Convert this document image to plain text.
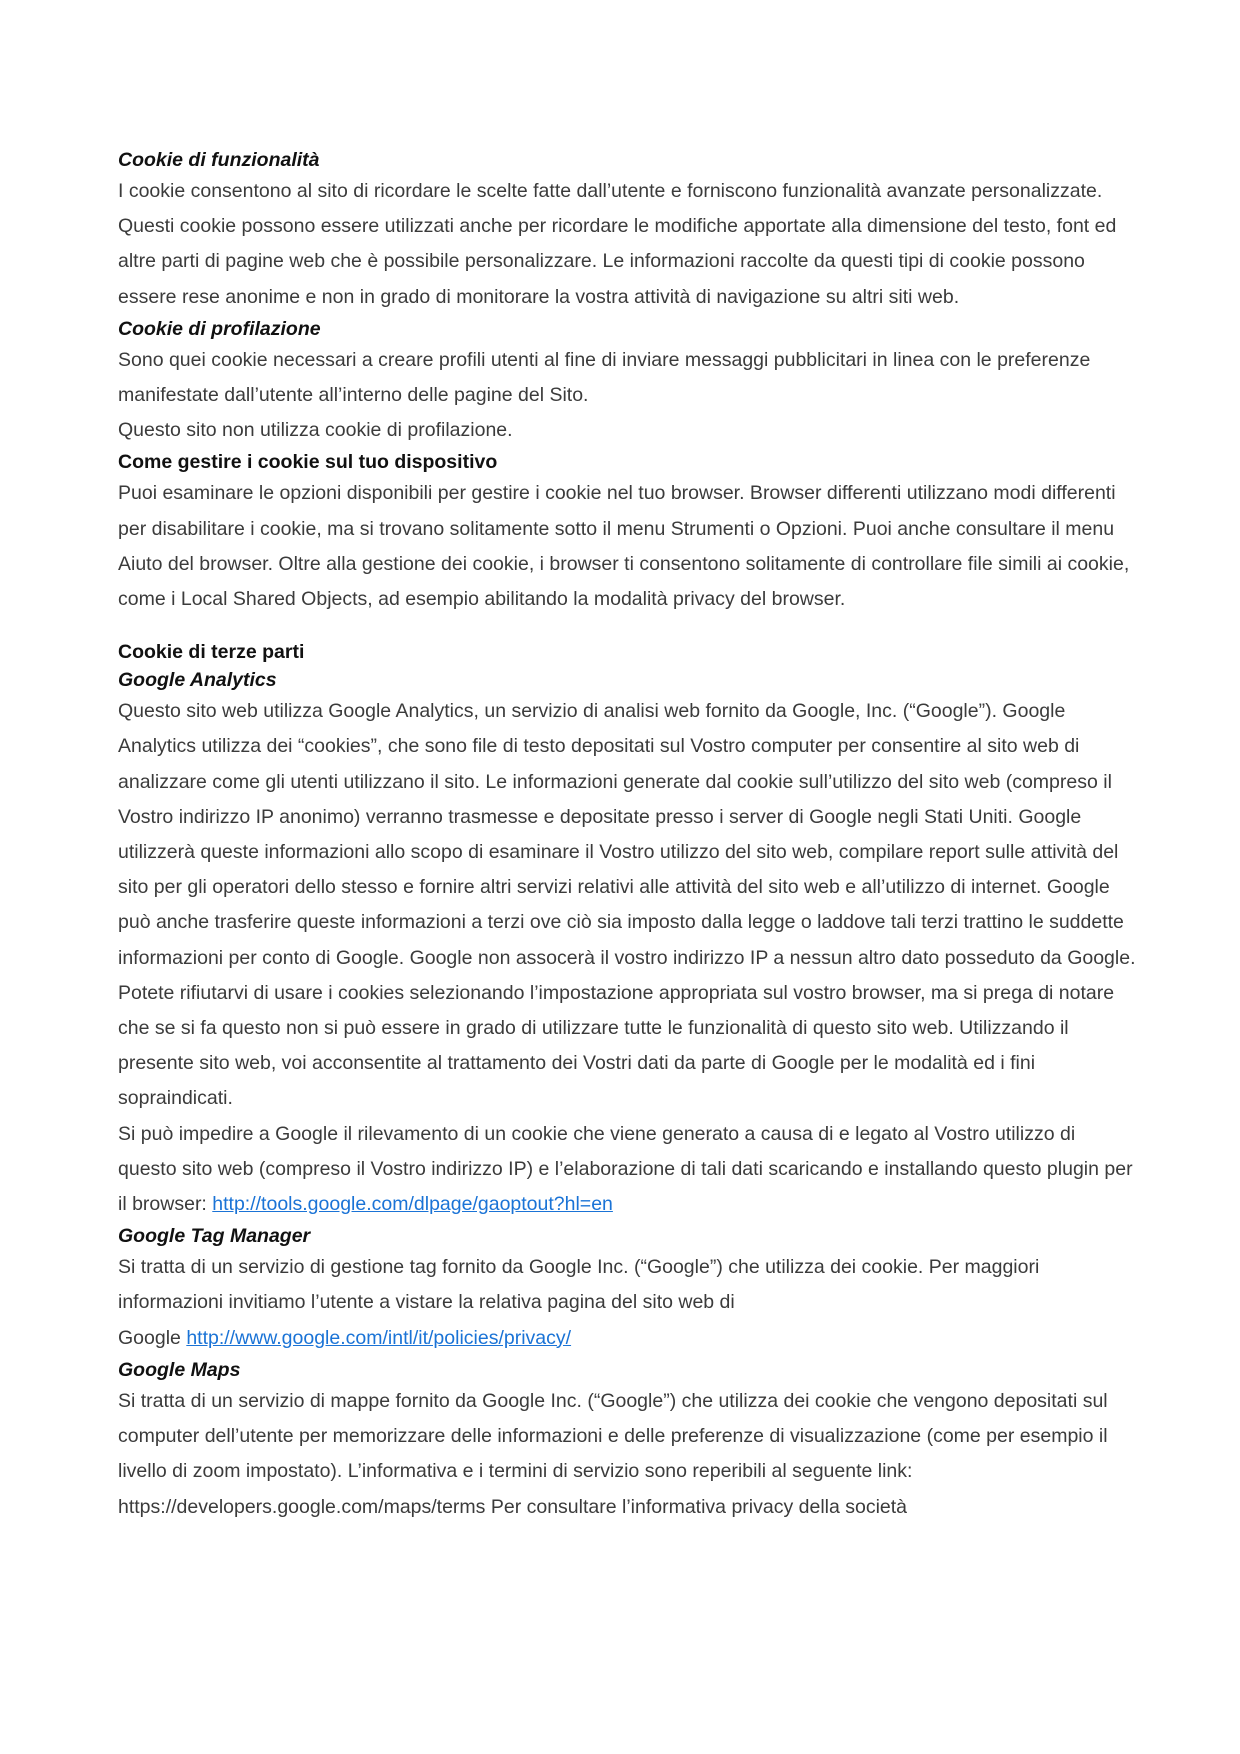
Cookie di funzionalità

I cookie consentono al sito di ricordare le scelte fatte dall’utente e forniscono funzionalità avanzate personalizzate. Questi cookie possono essere utilizzati anche per ricordare le modifiche apportate alla dimensione del testo, font ed altre parti di pagine web che è possibile personalizzare. Le informazioni raccolte da questi tipi di cookie possono essere rese anonime e non in grado di monitorare la vostra attività di navigazione su altri siti web.

Cookie di profilazione

Sono quei cookie necessari a creare profili utenti al fine di inviare messaggi pubblicitari in linea con le preferenze manifestate dall’utente all’interno delle pagine del Sito.

Questo sito non utilizza cookie di profilazione.

Come gestire i cookie sul tuo dispositivo

Puoi esaminare le opzioni disponibili per gestire i cookie nel tuo browser. Browser differenti utilizzano modi differenti per disabilitare i cookie, ma si trovano solitamente sotto il menu Strumenti o Opzioni. Puoi anche consultare il menu Aiuto del browser. Oltre alla gestione dei cookie, i browser ti consentono solitamente di controllare file simili ai cookie, come i Local Shared Objects, ad esempio abilitando la modalità privacy del browser.

Cookie di terze parti

Google Analytics

Questo sito web utilizza Google Analytics, un servizio di analisi web fornito da Google, Inc. (“Google”). Google Analytics utilizza dei “cookies”, che sono file di testo depositati sul Vostro computer per consentire al sito web di analizzare come gli utenti utilizzano il sito. Le informazioni generate dal cookie sull’utilizzo del sito web (compreso il Vostro indirizzo IP anonimo) verranno trasmesse e depositate presso i server di Google negli Stati Uniti. Google utilizzerà queste informazioni allo scopo di esaminare il Vostro utilizzo del sito web, compilare report sulle attività del sito per gli operatori dello stesso e fornire altri servizi relativi alle attività del sito web e all’utilizzo di internet. Google può anche trasferire queste informazioni a terzi ove ciò sia imposto dalla legge o laddove tali terzi trattino le suddette informazioni per conto di Google. Google non assocerà il vostro indirizzo IP a nessun altro dato posseduto da Google. Potete rifiutarvi di usare i cookies selezionando l’impostazione appropriata sul vostro browser, ma si prega di notare che se si fa questo non si può essere in grado di utilizzare tutte le funzionalità di questo sito web. Utilizzando il presente sito web, voi acconsentite al trattamento dei Vostri dati da parte di Google per le modalità ed i fini sopraindicati.

Si può impedire a Google il rilevamento di un cookie che viene generato a causa di e legato al Vostro utilizzo di questo sito web (compreso il Vostro indirizzo IP) e l’elaborazione di tali dati scaricando e installando questo plugin per il browser: http://tools.google.com/dlpage/gaoptout?hl=en

Google Tag Manager

Si tratta di un servizio di gestione tag fornito da Google Inc. (“Google”) che utilizza dei cookie. Per maggiori informazioni invitiamo l’utente a vistare la relativa pagina del sito web di

Google http://www.google.com/intl/it/policies/privacy/

Google Maps

Si tratta di un servizio di mappe fornito da Google Inc. (“Google”) che utilizza dei cookie che vengono depositati sul computer dell’utente per memorizzare delle informazioni e delle preferenze di visualizzazione (come per esempio il livello di zoom impostato). L’informativa e i termini di servizio sono reperibili al seguente link: https://developers.google.com/maps/terms Per consultare l’informativa privacy della società
